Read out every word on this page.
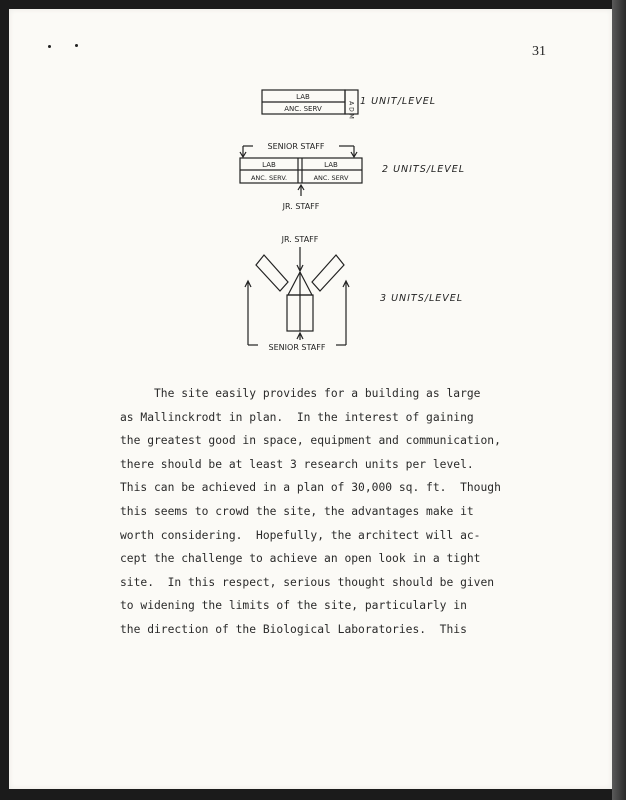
31
LAB
ANC. SERV	A D M 1 UNIT/LEVEL
SENIOR STAFF
LAB
ANC. SERV.
LAB
ANC. SERV
JR. STAFF
2 UNITS/LEVEL
JR. STAFF
SENIOR STAFF
3 UNITS/LEVEL
The site easily provides for a building as large
as Mallinckrodt in plan.  In the interest of gaining
the greatest good in space, equipment and communication,
there should be at least 3 research units per level.
This can be achieved in a plan of 30,000 sq. ft.  Though
this seems to crowd the site, the advantages make it
worth considering.  Hopefully, the architect will ac-
cept the challenge to achieve an open look in a tight
site.  In this respect, serious thought should be given
to widening the limits of the site, particularly in
the direction of the Biological Laboratories.  This
